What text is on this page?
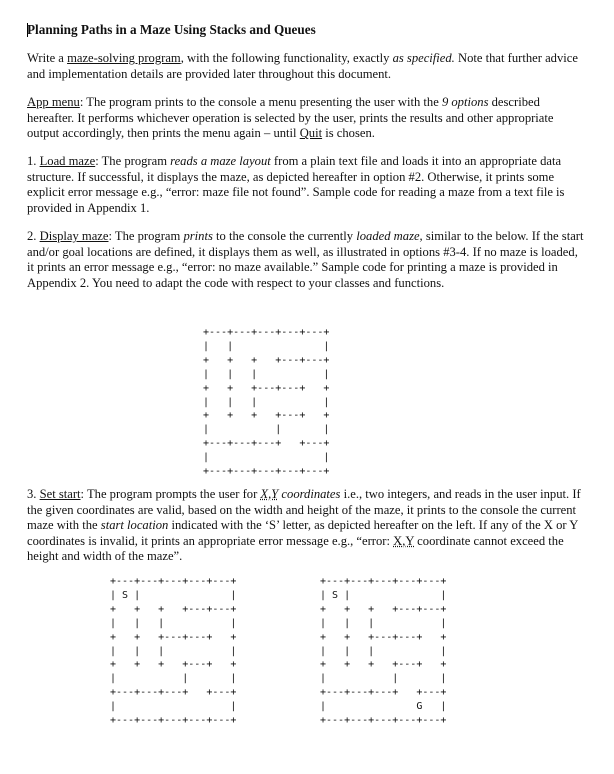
Planning Paths in a Maze Using Stacks and Queues
Write a maze-solving program, with the following functionality, exactly as specified. Note that further advice and implementation details are provided later throughout this document.
App menu: The program prints to the console a menu presenting the user with the 9 options described hereafter. It performs whichever operation is selected by the user, prints the results and other appropriate output accordingly, then prints the menu again – until Quit is chosen.
1. Load maze: The program reads a maze layout from a plain text file and loads it into an appropriate data structure. If successful, it displays the maze, as depicted hereafter in option #2. Otherwise, it prints some explicit error message e.g., “error: maze file not found”. Sample code for reading a maze from a text file is provided in Appendix 1.
2. Display maze: The program prints to the console the currently loaded maze, similar to the below. If the start and/or goal locations are defined, it displays them as well, as illustrated in options #3-4. If no maze is loaded, it prints an error message e.g., “error: no maze available.” Sample code for printing a maze is provided in Appendix 2. You need to adapt the code with respect to your classes and functions.
+---+---+---+---+---+
|   |               |
+   +   +   +---+---+
|   |   |           |
+   +   +---+---+   +
|   |   |           |
+   +   +   +---+   +
|           |       |
+---+---+---+   +---+
|                   |
+---+---+---+---+---+
3. Set start: The program prompts the user for X,Y coordinates i.e., two integers, and reads in the user input. If the given coordinates are valid, based on the width and height of the maze, it prints to the console the current maze with the start location indicated with the ‘S’ letter, as depicted hereafter on the left. If any of the X or Y coordinates is invalid, it prints an appropriate error message e.g., “error: X,Y coordinate cannot exceed the height and width of the maze”.
+---+---+---+---+---+
| S |               |
+   +   +   +---+---+
|   |   |           |
+   +   +---+---+   +
|   |   |           |
+   +   +   +---+   +
|           |       |
+---+---+---+   +---+
|                   |
+---+---+---+---+---+
+---+---+---+---+---+
| S |               |
+   +   +   +---+---+
|   |   |           |
+   +   +---+---+   +
|   |   |           |
+   +   +   +---+   +
|           |       |
+---+---+---+   +---+
|               G   |
+---+---+---+---+---+
